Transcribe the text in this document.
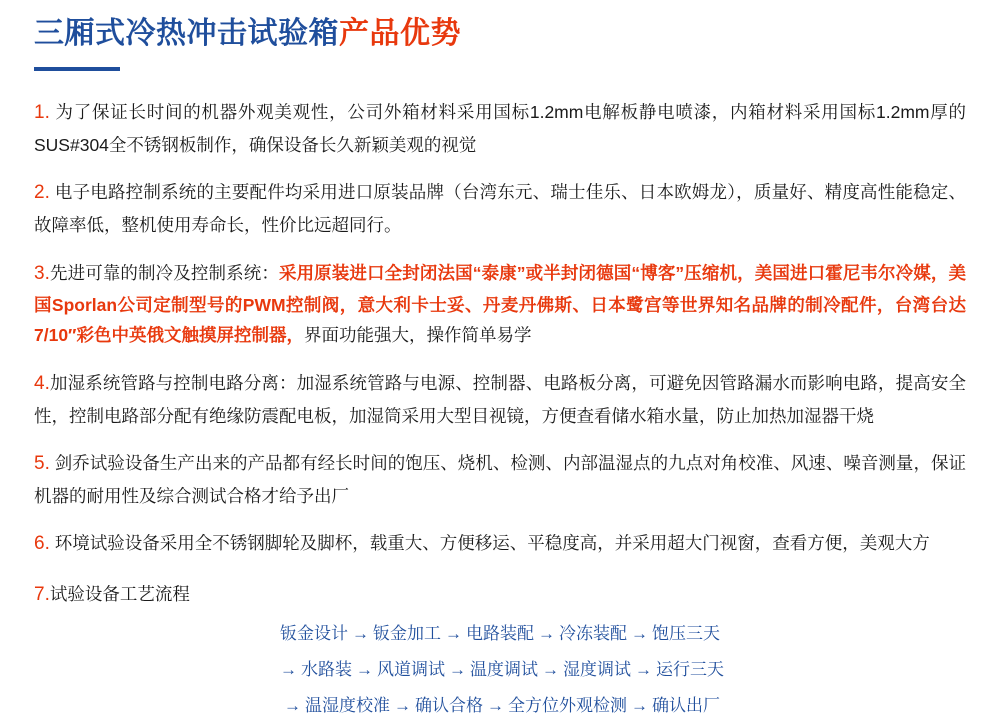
三厢式冷热冲击试验箱产品优势

1. 为了保证长时间的机器外观美观性，公司外箱材料采用国标1.2mm电解板静电喷漆，内箱材料采用国标1.2mm厚的SUS#304全不锈钢板制作，确保设备长久新颖美观的视觉

2. 电子电路控制系统的主要配件均采用进口原装品牌（台湾东元、瑞士佳乐、日本欧姆龙），质量好、精度高性能稳定、故障率低，整机使用寿命长，性价比远超同行。

3.先进可靠的制冷及控制系统：采用原装进口全封闭法国“泰康”或半封闭德国“博客”压缩机，美国进口霍尼韦尔冷媒，美国Sporlan公司定制型号的PWM控制阀，意大利卡士妥、丹麦丹佛斯、日本鹭宫等世界知名品牌的制冷配件，台湾台达7/10″彩色中英俄文触摸屏控制器，界面功能强大，操作简单易学

4.加湿系统管路与控制电路分离：加湿系统管路与电源、控制器、电路板分离，可避免因管路漏水而影响电路，提高安全性，控制电路部分配有绝缘防震配电板，加湿筒采用大型目视镜，方便查看储水箱水量，防止加热加湿器干烧

5. 剑乔试验设备生产出来的产品都有经长时间的饱压、烧机、检测、内部温湿点的九点对角校准、风速、噪音测量，保证机器的耐用性及综合测试合格才给予出厂

6. 环境试验设备采用全不锈钢脚轮及脚杯，载重大、方便移运、平稳度高，并采用超大门视窗，查看方便，美观大方

7.试验设备工艺流程

钣金设计 → 钣金加工 → 电路装配 → 冷冻装配 → 饱压三天
→ 水路装 → 风道调试 → 温度调试 → 湿度调试 → 运行三天
→ 温湿度校准 → 确认合格 → 全方位外观检测 → 确认出厂
